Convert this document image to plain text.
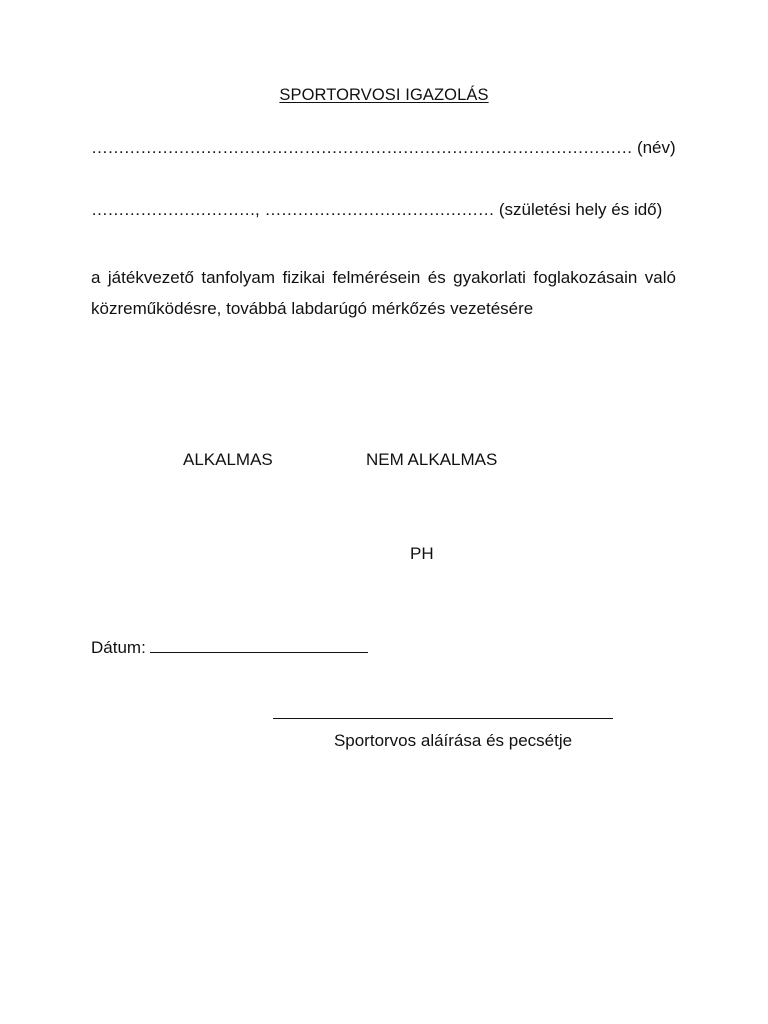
SPORTORVOSI IGAZOLÁS
……………………………………………………………………………………… (név)
…………………………, …………………………………… (születési hely és idő)
a játékvezető tanfolyam fizikai felmérésein és gyakorlati foglakozásain való
közreműködésre, továbbá labdarúgó mérkőzés vezetésére
ALKALMAS	NEM ALKALMAS
PH
Dátum:
Sportorvos aláírása és pecsétje
